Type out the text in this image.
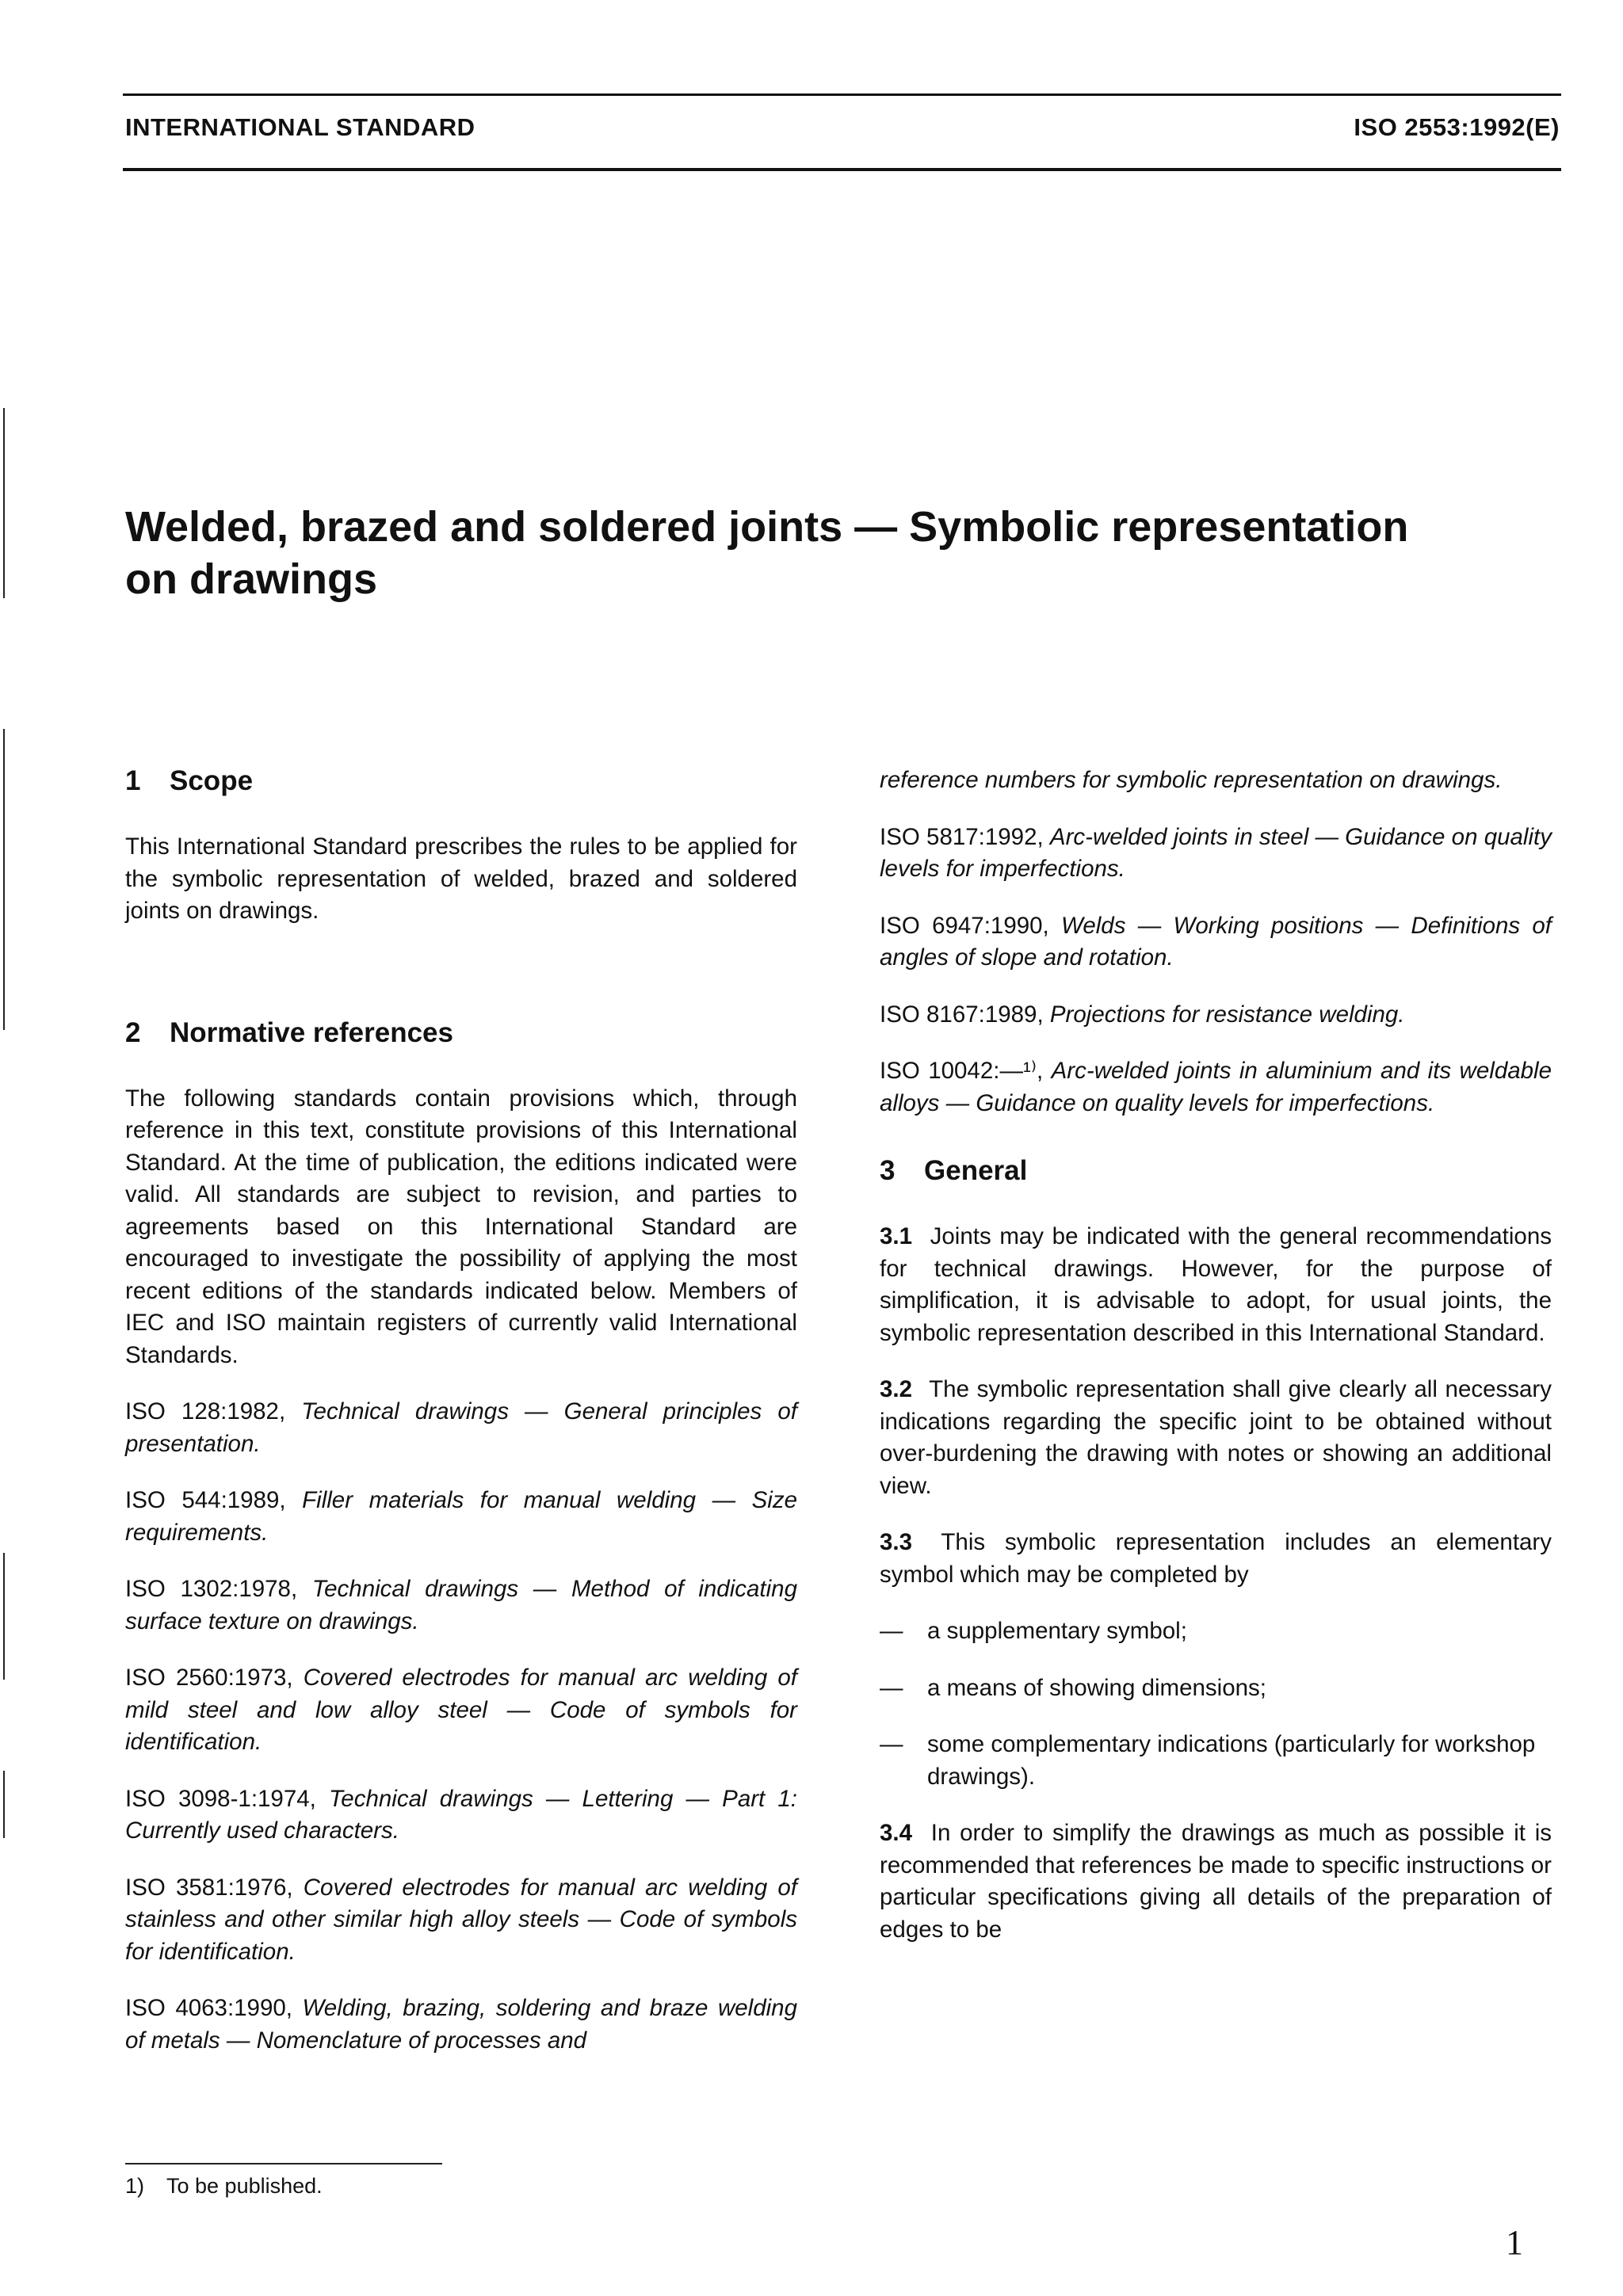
INTERNATIONAL STANDARD	ISO 2553:1992(E)
Welded, brazed and soldered joints — Symbolic representation on drawings
1 Scope

This International Standard prescribes the rules to be applied for the symbolic representation of welded, brazed and soldered joints on drawings.

2 Normative references

The following standards contain provisions which, through reference in this text, constitute provisions of this International Standard. At the time of publication, the editions indicated were valid. All standards are subject to revision, and parties to agreements based on this International Standard are encouraged to investigate the possibility of applying the most recent editions of the standards indicated below. Members of IEC and ISO maintain registers of currently valid International Standards.

ISO 128:1982, Technical drawings — General principles of presentation.

ISO 544:1989, Filler materials for manual welding — Size requirements.

ISO 1302:1978, Technical drawings — Method of indicating surface texture on drawings.

ISO 2560:1973, Covered electrodes for manual arc welding of mild steel and low alloy steel — Code of symbols for identification.

ISO 3098-1:1974, Technical drawings — Lettering — Part 1: Currently used characters.

ISO 3581:1976, Covered electrodes for manual arc welding of stainless and other similar high alloy steels — Code of symbols for identification.

ISO 4063:1990, Welding, brazing, soldering and braze welding of metals — Nomenclature of processes and

reference numbers for symbolic representation on drawings.

ISO 5817:1992, Arc-welded joints in steel — Guidance on quality levels for imperfections.

ISO 6947:1990, Welds — Working positions — Definitions of angles of slope and rotation.

ISO 8167:1989, Projections for resistance welding.

ISO 10042:—¹⁾, Arc-welded joints in aluminium and its weldable alloys — Guidance on quality levels for imperfections.

3 General

3.1 Joints may be indicated with the general recommendations for technical drawings. However, for the purpose of simplification, it is advisable to adopt, for usual joints, the symbolic representation described in this International Standard.

3.2 The symbolic representation shall give clearly all necessary indications regarding the specific joint to be obtained without over-burdening the drawing with notes or showing an additional view.

3.3 This symbolic representation includes an elementary symbol which may be completed by

—	a supplementary symbol;
—	a means of showing dimensions;
—	some complementary indications (particularly for workshop drawings).

3.4 In order to simplify the drawings as much as possible it is recommended that references be made to specific instructions or particular specifications giving all details of the preparation of edges to be

1) To be published.
1
